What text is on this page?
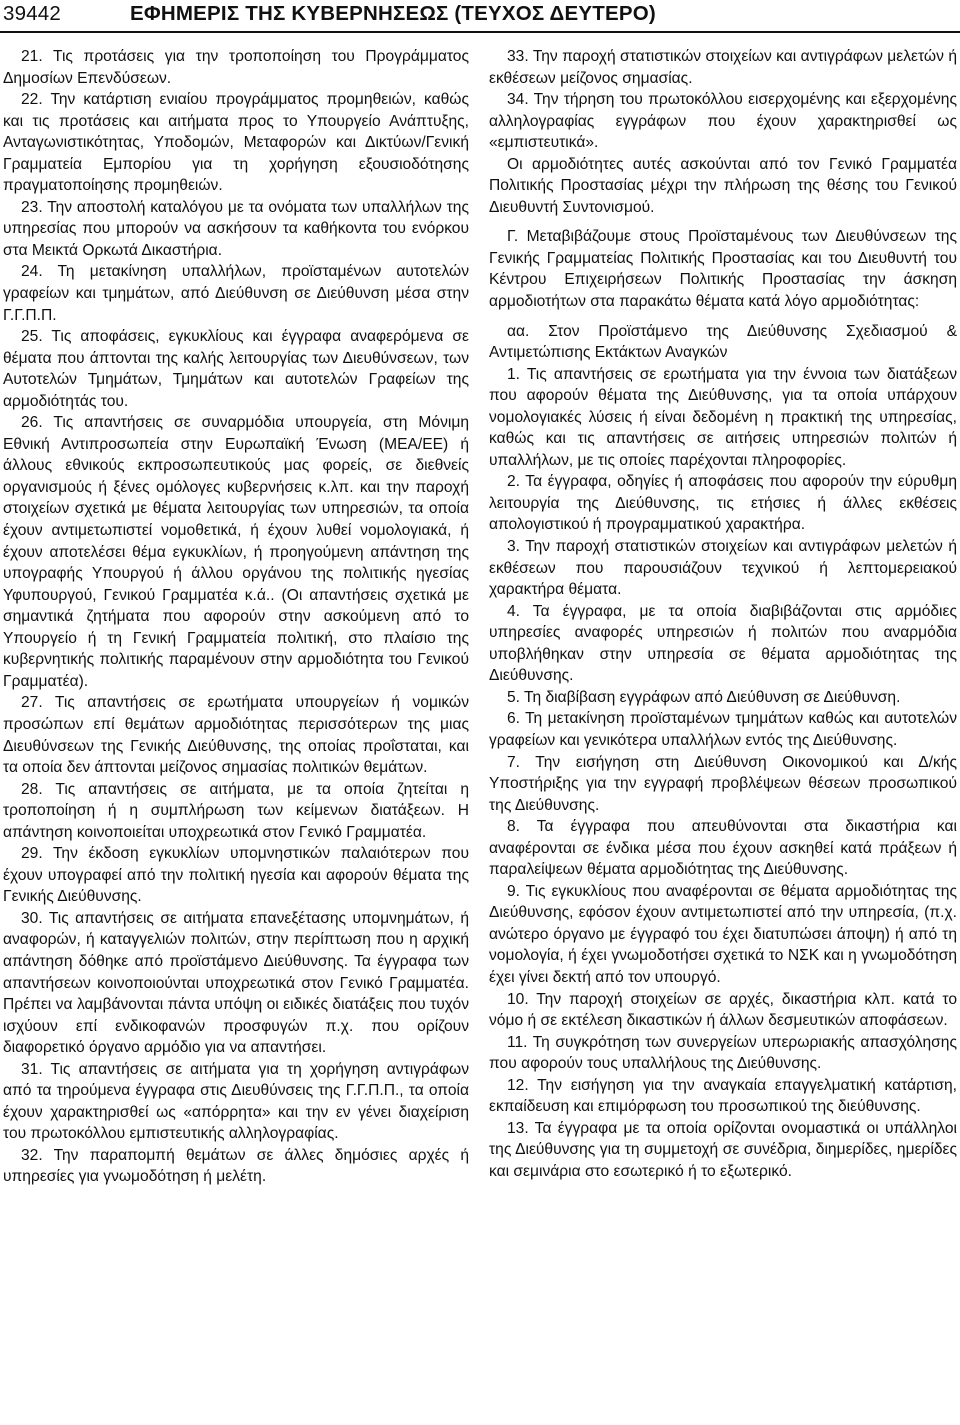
39442	ΕΦΗΜΕΡΙΣ ΤΗΣ ΚΥΒΕΡΝΗΣΕΩΣ (ΤΕΥΧΟΣ ΔΕΥΤΕΡΟ)

21. Τις προτάσεις για την τροποποίηση του Προγράμματος Δημοσίων Επενδύσεων.

22. Την κατάρτιση ενιαίου προγράμματος προμηθειών, καθώς και τις προτάσεις και αιτήματα προς το Υπουργείο Ανάπτυξης, Ανταγωνιστικότητας, Υποδομών, Μεταφορών και Δικτύων/Γενική Γραμματεία Εμπορίου για τη χορήγηση εξουσιοδότησης πραγματοποίησης προμηθειών.

23. Την αποστολή καταλόγου με τα ονόματα των υπαλλήλων της υπηρεσίας που μπορούν να ασκήσουν τα καθήκοντα του ενόρκου στα Μεικτά Ορκωτά Δικαστήρια.

24. Τη μετακίνηση υπαλλήλων, προϊσταμένων αυτοτελών γραφείων και τμημάτων, από Διεύθυνση σε Διεύθυνση μέσα στην Γ.Γ.Π.Π.

25. Τις αποφάσεις, εγκυκλίους και έγγραφα αναφερόμενα σε θέματα που άπτονται της καλής λειτουργίας των Διευθύνσεων, των Αυτοτελών Τμημάτων, Τμημάτων και αυτοτελών Γραφείων της αρμοδιότητάς του.

26. Τις απαντήσεις σε συναρμόδια υπουργεία, στη Μόνιμη Εθνική Αντιπροσωπεία στην Ευρωπαϊκή Ένωση (ΜΕΑ/ΕΕ) ή άλλους εθνικούς εκπροσωπευτικούς μας φορείς, σε διεθνείς οργανισμούς ή ξένες ομόλογες κυβερνήσεις κ.λπ. και την παροχή στοιχείων σχετικά με θέματα λειτουργίας των υπηρεσιών, τα οποία έχουν αντιμετωπιστεί νομοθετικά, ή έχουν λυθεί νομολογιακά, ή έχουν αποτελέσει θέμα εγκυκλίων, ή προηγούμενη απάντηση της υπογραφής Υπουργού ή άλλου οργάνου της πολιτικής ηγεσίας Υφυπουργού, Γενικού Γραμματέα κ.ά.. (Οι απαντήσεις σχετικά με σημαντικά ζητήματα που αφορούν στην ασκούμενη από το Υπουργείο ή τη Γενική Γραμματεία πολιτική, στο πλαίσιο της κυβερνητικής πολιτικής παραμένουν στην αρμοδιότητα του Γενικού Γραμματέα).

27. Τις απαντήσεις σε ερωτήματα υπουργείων ή νομικών προσώπων επί θεμάτων αρμοδιότητας περισσότερων της μιας Διευθύνσεων της Γενικής Διεύθυνσης, της οποίας προΐσταται, και τα οποία δεν άπτονται μείζονος σημασίας πολιτικών θεμάτων.

28. Τις απαντήσεις σε αιτήματα, με τα οποία ζητείται η τροποποίηση ή η συμπλήρωση των κείμενων διατάξεων. Η απάντηση κοινοποιείται υποχρεωτικά στον Γενικό Γραμματέα.

29. Την έκδοση εγκυκλίων υπομνηστικών παλαιότερων που έχουν υπογραφεί από την πολιτική ηγεσία και αφορούν θέματα της Γενικής Διεύθυνσης.

30. Τις απαντήσεις σε αιτήματα επανεξέτασης υπομνημάτων, ή αναφορών, ή καταγγελιών πολιτών, στην περίπτωση που η αρχική απάντηση δόθηκε από προϊστάμενο Διεύθυνσης. Τα έγγραφα των απαντήσεων κοινοποιούνται υποχρεωτικά στον Γενικό Γραμματέα. Πρέπει να λαμβάνονται πάντα υπόψη οι ειδικές διατάξεις που τυχόν ισχύουν επί ενδικοφανών προσφυγών π.χ. που ορίζουν διαφορετικό όργανο αρμόδιο για να απαντήσει.

31. Τις απαντήσεις σε αιτήματα για τη χορήγηση αντιγράφων από τα τηρούμενα έγγραφα στις Διευθύνσεις της Γ.Γ.Π.Π., τα οποία έχουν χαρακτηρισθεί ως «απόρρητα» και την εν γένει διαχείριση του πρωτοκόλλου εμπιστευτικής αλληλογραφίας.

32. Την παραπομπή θεμάτων σε άλλες δημόσιες αρχές ή υπηρεσίες για γνωμοδότηση ή μελέτη.

33. Την παροχή στατιστικών στοιχείων και αντιγράφων μελετών ή εκθέσεων μείζονος σημασίας.

34. Την τήρηση του πρωτοκόλλου εισερχομένης και εξερχομένης αλληλογραφίας εγγράφων που έχουν χαρακτηρισθεί ως «εμπιστευτικά».

Οι αρμοδιότητες αυτές ασκούνται από τον Γενικό Γραμματέα Πολιτικής Προστασίας μέχρι την πλήρωση της θέσης του Γενικού Διευθυντή Συντονισμού.

Γ. Μεταβιβάζουμε στους Προϊσταμένους των Διευθύνσεων της Γενικής Γραμματείας Πολιτικής Προστασίας και του Διευθυντή του Κέντρου Επιχειρήσεων Πολιτικής Προστασίας την άσκηση αρμοδιοτήτων στα παρακάτω θέματα κατά λόγο αρμοδιότητας:

αα. Στον Προϊστάμενο της Διεύθυνσης Σχεδιασμού & Αντιμετώπισης Εκτάκτων Αναγκών

1. Τις απαντήσεις σε ερωτήματα για την έννοια των διατάξεων που αφορούν θέματα της Διεύθυνσης, για τα οποία υπάρχουν νομολογιακές λύσεις ή είναι δεδομένη η πρακτική της υπηρεσίας, καθώς και τις απαντήσεις σε αιτήσεις υπηρεσιών πολιτών ή υπαλλήλων, με τις οποίες παρέχονται πληροφορίες.

2. Τα έγγραφα, οδηγίες ή αποφάσεις που αφορούν την εύρυθμη λειτουργία της Διεύθυνσης, τις ετήσιες ή άλλες εκθέσεις απολογιστικού ή προγραμματικού χαρακτήρα.

3. Την παροχή στατιστικών στοιχείων και αντιγράφων μελετών ή εκθέσεων που παρουσιάζουν τεχνικού ή λεπτομερειακού χαρακτήρα θέματα.

4. Τα έγγραφα, με τα οποία διαβιβάζονται στις αρμόδιες υπηρεσίες αναφορές υπηρεσιών ή πολιτών που αναρμόδια υποβλήθηκαν στην υπηρεσία σε θέματα αρμοδιότητας της Διεύθυνσης.

5. Τη διαβίβαση εγγράφων από Διεύθυνση σε Διεύθυνση.

6. Τη μετακίνηση προϊσταμένων τμημάτων καθώς και αυτοτελών γραφείων και γενικότερα υπαλλήλων εντός της Διεύθυνσης.

7. Την εισήγηση στη Διεύθυνση Οικονομικού και Δ/κής Υποστήριξης για την εγγραφή προβλέψεων θέσεων προσωπικού της Διεύθυνσης.

8. Τα έγγραφα που απευθύνονται στα δικαστήρια και αναφέρονται σε ένδικα μέσα που έχουν ασκηθεί κατά πράξεων ή παραλείψεων θέματα αρμοδιότητας της Διεύθυνσης.

9. Τις εγκυκλίους που αναφέρονται σε θέματα αρμοδιότητας της Διεύθυνσης, εφόσον έχουν αντιμετωπιστεί από την υπηρεσία, (π.χ. ανώτερο όργανο με έγγραφό του έχει διατυπώσει άποψη) ή από τη νομολογία, ή έχει γνωμοδοτήσει σχετικά το ΝΣΚ και η γνωμοδότηση έχει γίνει δεκτή από τον υπουργό.

10. Την παροχή στοιχείων σε αρχές, δικαστήρια κλπ. κατά το νόμο ή σε εκτέλεση δικαστικών ή άλλων δεσμευτικών αποφάσεων.

11. Τη συγκρότηση των συνεργείων υπερωριακής απασχόλησης που αφορούν τους υπαλλήλους της Διεύθυνσης.

12. Την εισήγηση για την αναγκαία επαγγελματική κατάρτιση, εκπαίδευση και επιμόρφωση του προσωπικού της διεύθυνσης.

13. Τα έγγραφα με τα οποία ορίζονται ονομαστικά οι υπάλληλοι της Διεύθυνσης για τη συμμετοχή σε συνέδρια, διημερίδες, ημερίδες και σεμινάρια στο εσωτερικό ή το εξωτερικό.
